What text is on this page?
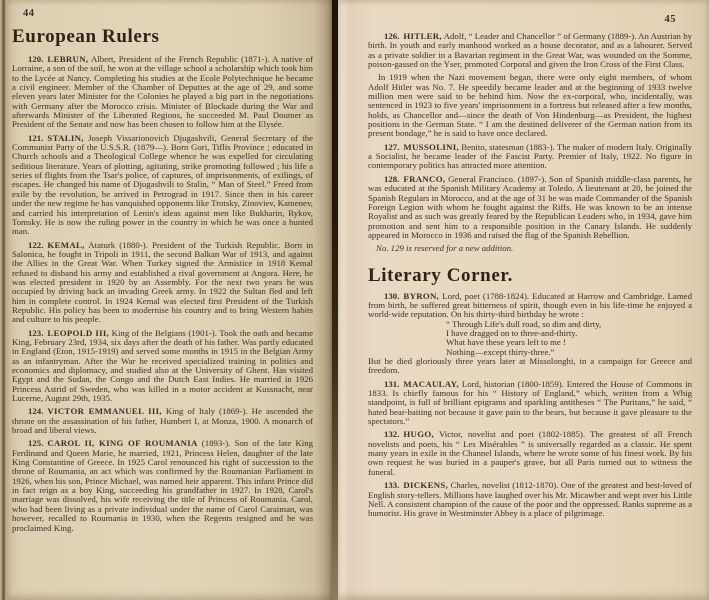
44

European Rulers

120. LEBRUN, Albert, President of the French Republic (1871-). A native of Lorraine, a son of the soil, he won at the village school a scholarship which took him to the Lycée at Nancy. Completing his studies at the Ecole Polytechnique he became a civil engineer. Member of the Chamber of Deputies at the age of 29, and some eleven years later Minister for the Colonies he played a big part in the negotiations with Germany after the Morocco crisis. Minister of Blockade during the War and afterwards Minister of the Liberated Regions, he succeeded M. Paul Doumer as President of the Senate and now has been chosen to follow him at the Elysée.

121. STALIN, Joseph Vissarionovich Djugashvili, General Secretary of the Communist Party of the U.S.S.R. (1879—). Born Gori, Tiflis Province ; educated in Church schools and a Theological College whence he was expelled for circulating seditious literature. Years of plotting, agitating, strike promoting followed ; his life a series of flights from the Tsar's police, of captures, of imprisonments, of exilings, of escapes. He changed his name of Djugashvili to Stalin, “ Man of Steel.” Freed from exile by the revolution, he arrived in Petrograd in 1917. Since then in his career under the new regime he has vanquished opponents like Trotsky, Zinoviev, Kamenev, and carried his interpretation of Lenin's ideas against men like Bukharin, Rykov, Tomsky. He is now the ruling power in the country in which he was once a hunted man.

122. KEMAL, Ataturk (1880-). President of the Turkish Republic. Born in Salonica, he fought in Tripoli in 1911, the second Balkan War of 1913, and against the Allies in the Great War. When Turkey signed the Armistice in 1918 Kemal refused to disband his army and established a rival government at Angora. Here, he was elected president in 1920 by an Assembly. For the next two years he was occupied by driving back an invading Greek army. In 1922 the Sultan fled and left him in complete control. In 1924 Kemal was elected first President of the Turkish Republic. His policy has been to modernise his country and to bring Western habits and culture to his people.

123. LEOPOLD III, King of the Belgians (1901-). Took the oath and became King, February 23rd, 1934, six days after the death of his father. Was partly educated in England (Eton, 1915-1919) and served some months in 1915 in the Belgian Army as an infantryman. After the War he received specialized training in politics and economics and diplomacy, and studied also at the University of Ghent. Has visited Egypt and the Sudan, the Congo and the Dutch East Indies. He married in 1926 Princess Astrid of Sweden, who was killed in a motor accident at Kussnacht, near Lucerne, August 29th, 1935.

124. VICTOR EMMANUEL III, King of Italy (1869-). He ascended the throne on the assassination of his father, Humbert I, at Monza, 1900. A monarch of broad and liberal views.

125. CAROL II, KING OF ROUMANIA (1893-). Son of the late King Ferdinand and Queen Marie, he married, 1921, Princess Helen, daughter of the late King Constantine of Greece. In 1925 Carol renounced his right of succession to the throne of Roumania, an act which was confirmed by the Roumanian Parliament in 1926, when his son, Prince Michael, was named heir apparent. This infant Prince did in fact reign as a boy King, succeeding his grandfather in 1927. In 1928, Carol's marriage was dissolved, his wife receiving the title of Princess of Roumania. Carol, who had been living as a private individual under the name of Carol Caraiman, was however, recalled to Roumania in 1930, when the Regents resigned and he was proclaimed King.

45

126. HITLER, Adolf, “ Leader and Chancellor ” of Germany (1889-). An Austrian by birth. In youth and early manhood worked as a house decorator, and as a labourer. Served as a private soldier in a Bavarian regiment in the Great War, was wounded on the Somme, poison-gassed on the Yser, promoted Corporal and given the Iron Cross of the First Class.

In 1919 when the Nazi movement began, there were only eight members, of whom Adolf Hitler was No. 7. He speedily became leader and at the beginning of 1933 twelve million men were said to be behind him. Now the ex-corporal, who, incidentally, was sentenced in 1923 to five years' imprisonment in a fortress but released after a few months, holds, as Chancellor and—since the death of Von Hindenburg—as President, the highest positions in the German State. “ I am the destined deliverer of the German nation from its present bondage,” he is said to have once declared.

127. MUSSOLINI, Benito, statesman (1883-). The maker of modern Italy. Originally a Socialist, he became leader of the Fascist Party. Premier of Italy, 1922. No figure in contemporary politics has attracted more attention.

128. FRANCO, General Francisco. (1897-). Son of Spanish middle-class parents, he was educated at the Spanish Military Academy at Toledo. A lieutenant at 20, he joined the Spanish Regulars in Morocco, and at the age of 31 he was made Commander of the Spanish Foreign Legion with whom he fought against the Riffs. He was known to be an intense Royalist and as such was greatly feared by the Republican Leaders who, in 1934, gave him promotion and sent him to a responsible position in the Canary Islands. He suddenly appeared in Morocco in 1936 and raised the flag of the Spanish Rebellion.

No. 129 is reserved for a new addition.

Literary Corner.

130. BYRON, Lord, poet (1788-1824). Educated at Harrow and Cambridge. Lamed from birth, he suffered great bitterness of spirit, though even in his life-time he enjoyed a world-wide reputation. On his thirty-third birthday he wrote :

“ Through Life's dull road, so dim and dirty,
I have dragged on to three-and-thirty.
What have these years left to me !
Nothing—except thirty-three.”

But he died gloriously three years later at Missolonghi, in a campaign for Greece and freedom.

131. MACAULAY, Lord, historian (1800-1859). Entered the House of Commons in 1833. Is chiefly famous for his “ History of England,” which, written from a Whig standpoint, is full of brilliant epigrams and sparkling antitheses “ The Puritans,” he said, “ hated bear-baiting not because it gave pain to the bears, but because it gave pleasure to the spectators.”

132. HUGO, Victor, novelist and poet (1802-1885). The greatest of all French novelists and poets, his “ Les Misérables ” is universally regarded as a classic. He spent many years in exile in the Channel Islands, where he wrote some of his finest work. By his own request he was buried in a pauper's grave, but all Paris turned out to witness the funeral.

133. DICKENS, Charles, novelist (1812-1870). One of the greatest and best-loved of English story-tellers. Millions have laughed over his Mr. Micawber and wept over his Little Nell. A consistent champion of the cause of the poor and the oppressed. Ranks supreme as a humorist. His grave in Westminster Abbey is a place of pilgrimage.
